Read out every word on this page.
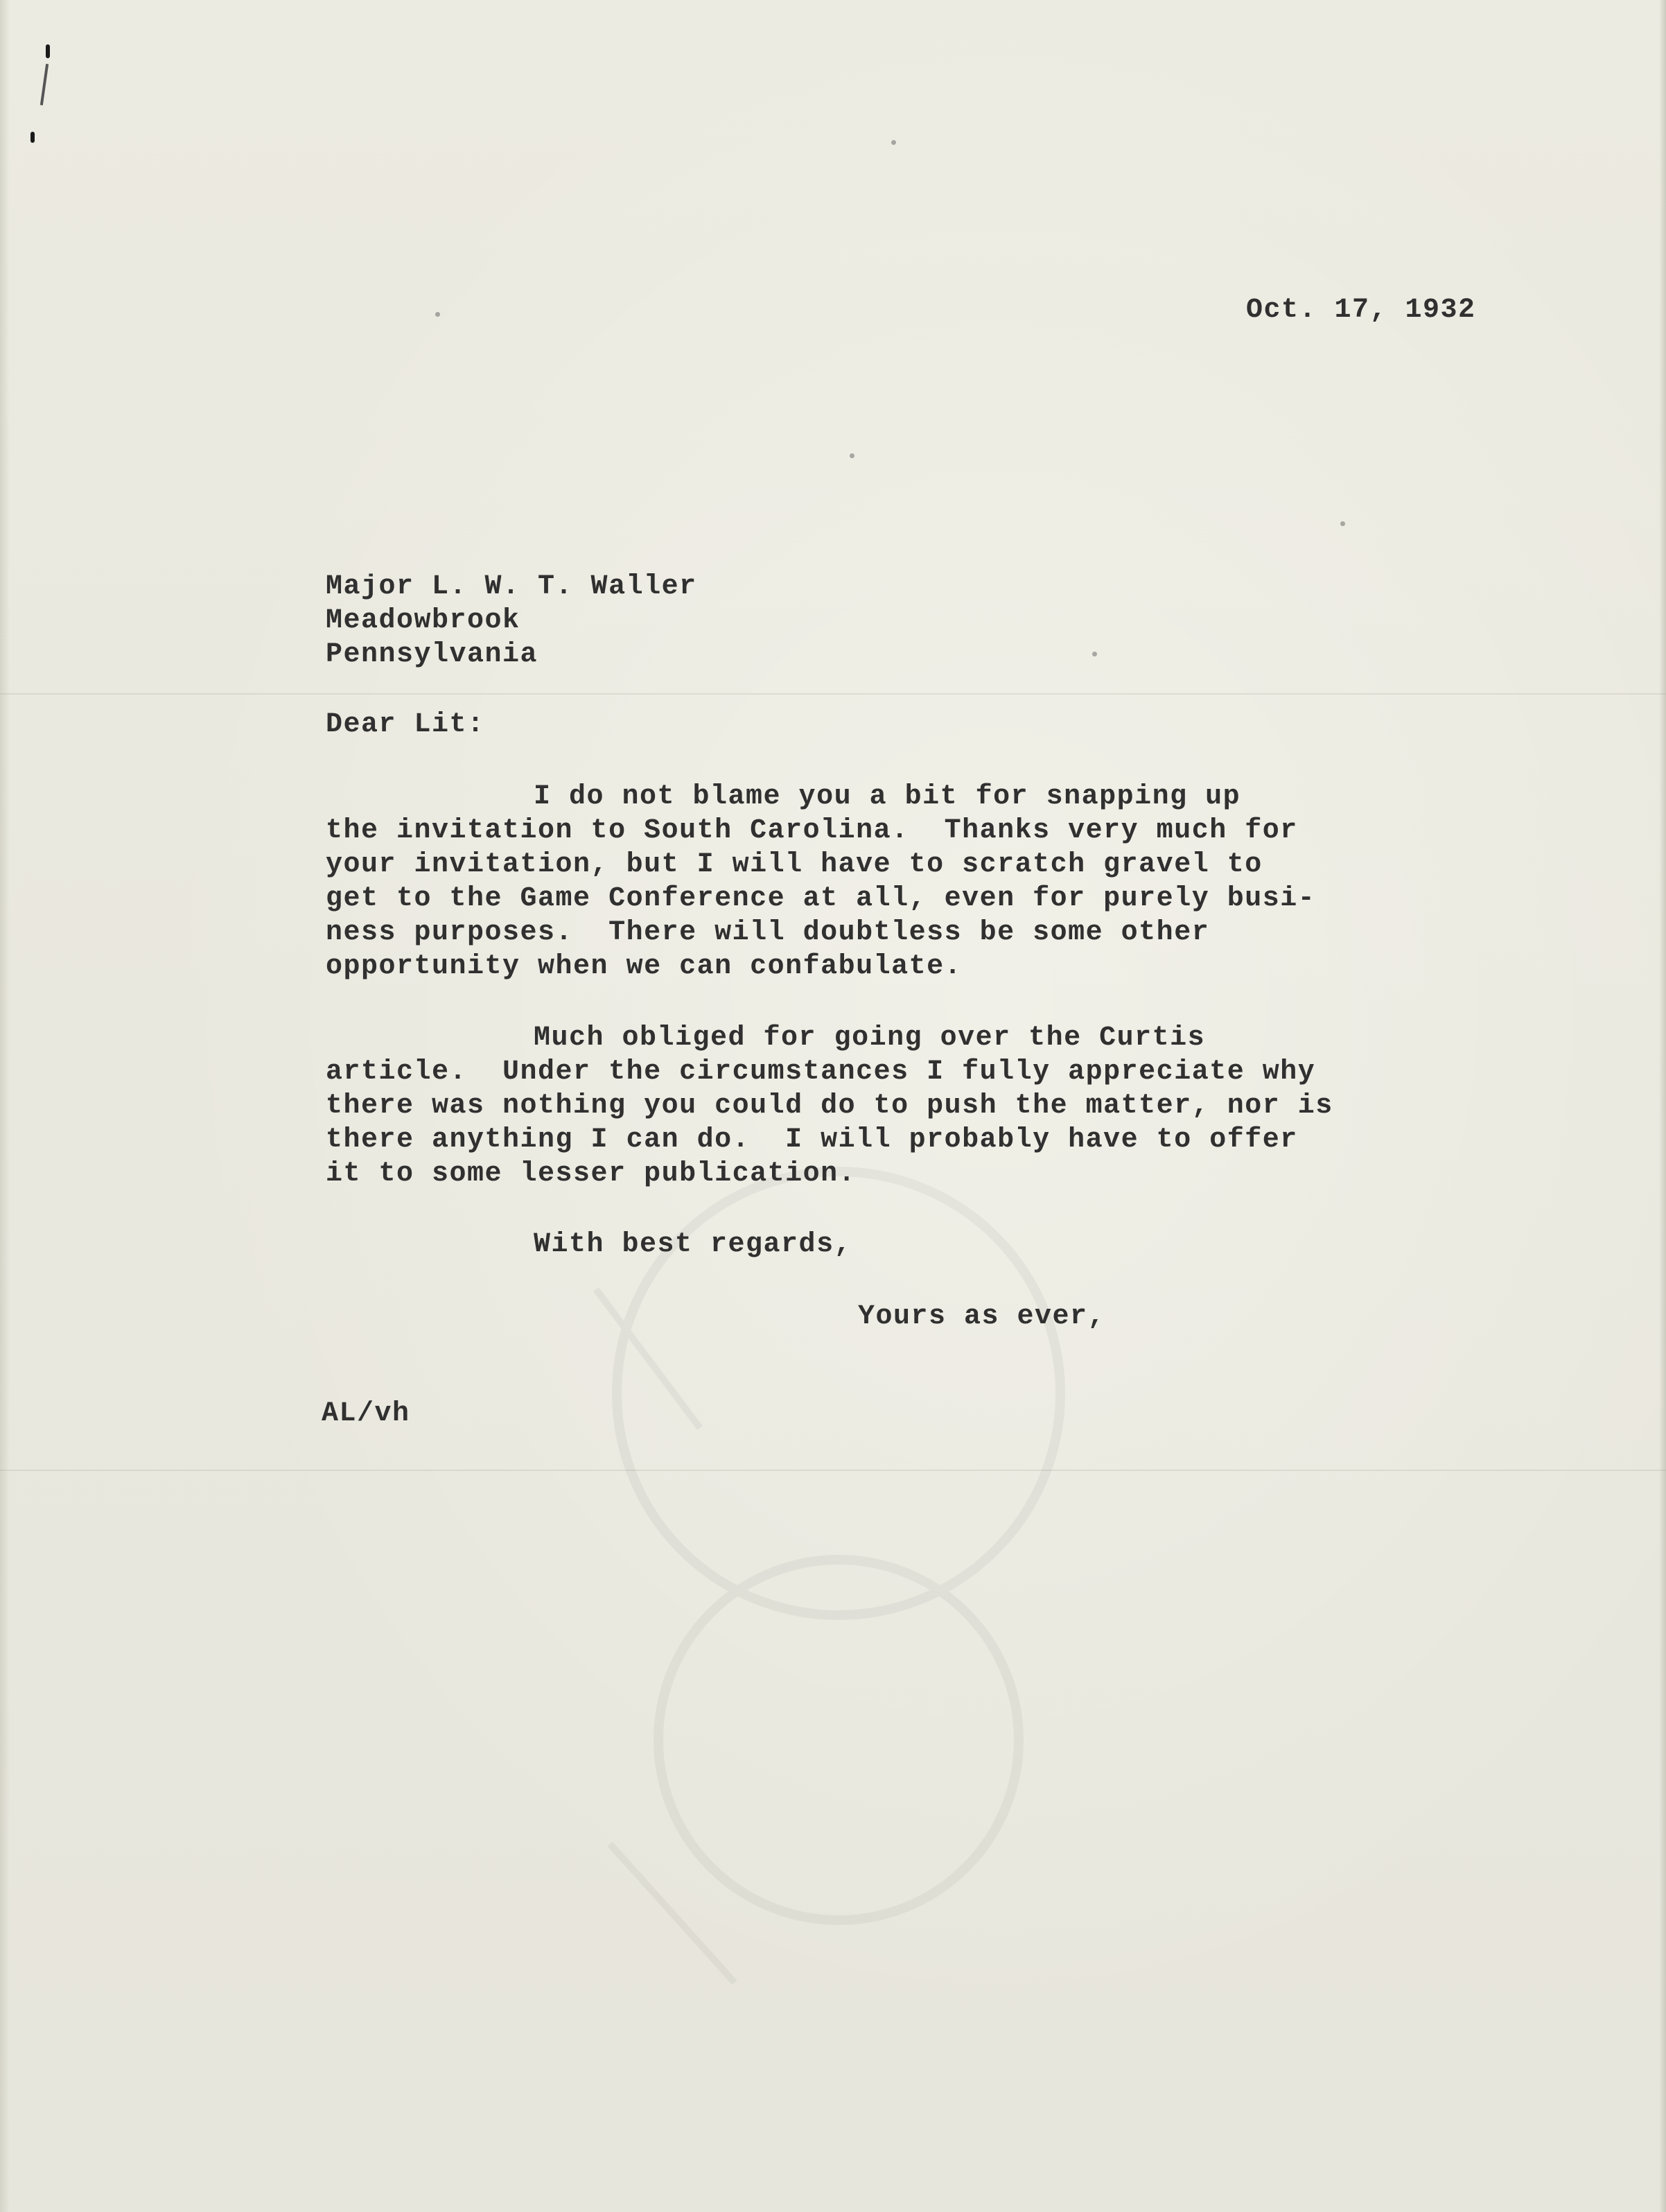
Oct. 17, 1932
Major L. W. T. Waller
Meadowbrook
Pennsylvania
Dear Lit:
I do not blame you a bit for snapping up
the invitation to South Carolina.  Thanks very much for
your invitation, but I will have to scratch gravel to
get to the Game Conference at all, even for purely busi-
ness purposes.  There will doubtless be some other
opportunity when we can confabulate.
Much obliged for going over the Curtis
article.  Under the circumstances I fully appreciate why
there was nothing you could do to push the matter, nor is
there anything I can do.  I will probably have to offer
it to some lesser publication.
With best regards,
Yours as ever,
AL/vh
